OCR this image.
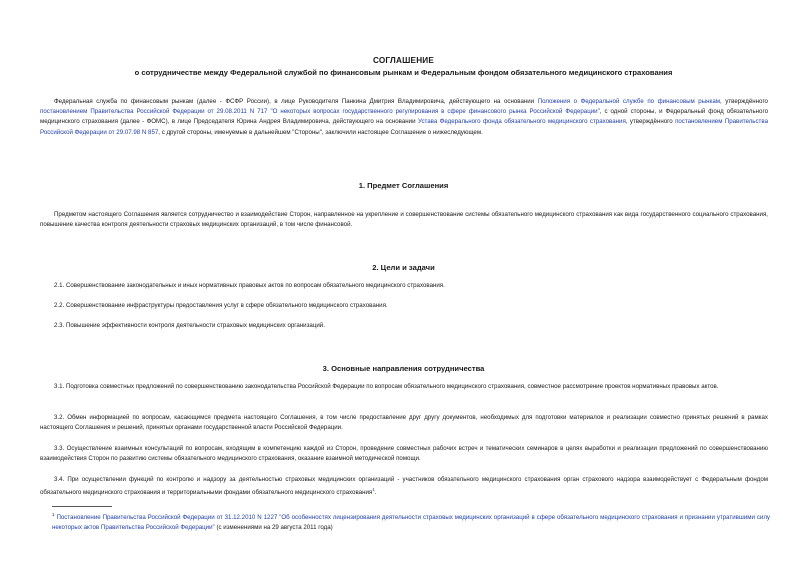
СОГЛАШЕНИЕ
о сотрудничестве между Федеральной службой по финансовым рынкам и Федеральным фондом обязательного медицинского страхования

Федеральная служба по финансовым рынкам (далее - ФСФР России), в лице Руководителя Панкина Дмитрия Владимировича, действующего на основании Положения о Федеральной службе по финансовым рынкам, утверждённого постановлением Правительства Российской Федерации от 29.08.2011 N 717 "О некоторых вопросах государственного регулирования в сфере финансового рынка Российской Федерации", с одной стороны, и Федеральный фонд обязательного медицинского страхования (далее - ФОМС), в лице Председателя Юрина Андрея Владимировича, действующего на основании Устава Федерального фонда обязательного медицинского страхования, утверждённого постановлением Правительства Российской Федерации от 29.07.98 N 857, с другой стороны, именуемые в дальнейшем "Стороны", заключили настоящее Соглашение о нижеследующем.

1. Предмет Соглашения

Предметом настоящего Соглашения является сотрудничество и взаимодействие Сторон, направленное на укрепление и совершенствование системы обязательного медицинского страхования как вида государственного социального страхования, повышение качества контроля деятельности страховых медицинских организаций, в том числе финансовой.

2. Цели и задачи

2.1. Совершенствование законодательных и иных нормативных правовых актов по вопросам обязательного медицинского страхования.

2.2. Совершенствование инфраструктуры предоставления услуг в сфере обязательного медицинского страхования.

2.3. Повышение эффективности контроля деятельности страховых медицинских организаций.

3. Основные направления сотрудничества

3.1. Подготовка совместных предложений по совершенствованию законодательства Российской Федерации по вопросам обязательного медицинского страхования, совместное рассмотрение проектов нормативных правовых актов.

3.2. Обмен информацией по вопросам, касающимся предмета настоящего Соглашения, в том числе предоставление друг другу документов, необходимых для подготовки материалов и реализации совместно принятых решений в рамках настоящего Соглашения и решений, принятых органами государственной власти Российской Федерации.

3.3. Осуществление взаимных консультаций по вопросам, входящим в компетенцию каждой из Сторон, проведение совместных рабочих встреч и тематических семинаров в целях выработки и реализации предложений по совершенствованию взаимодействия Сторон по развитию системы обязательного медицинского страхования, оказание взаимной методической помощи.

3.4. При осуществлении функций по контролю и надзору за деятельностью страховых медицинских организаций - участников обязательного медицинского страхования орган страхового надзора взаимодействует с Федеральным фондом обязательного медицинского страхования и территориальными фондами обязательного медицинского страхования$^1$.

$^1$ Постановление Правительства Российской Федерации от 31.12.2010 N 1227 "Об особенностях лицензирования деятельности страховых медицинских организаций в сфере обязательного медицинского страхования и признании утратившими силу некоторых актов Правительства Российской Федерации" (с изменениями на 29 августа 2011 года)
